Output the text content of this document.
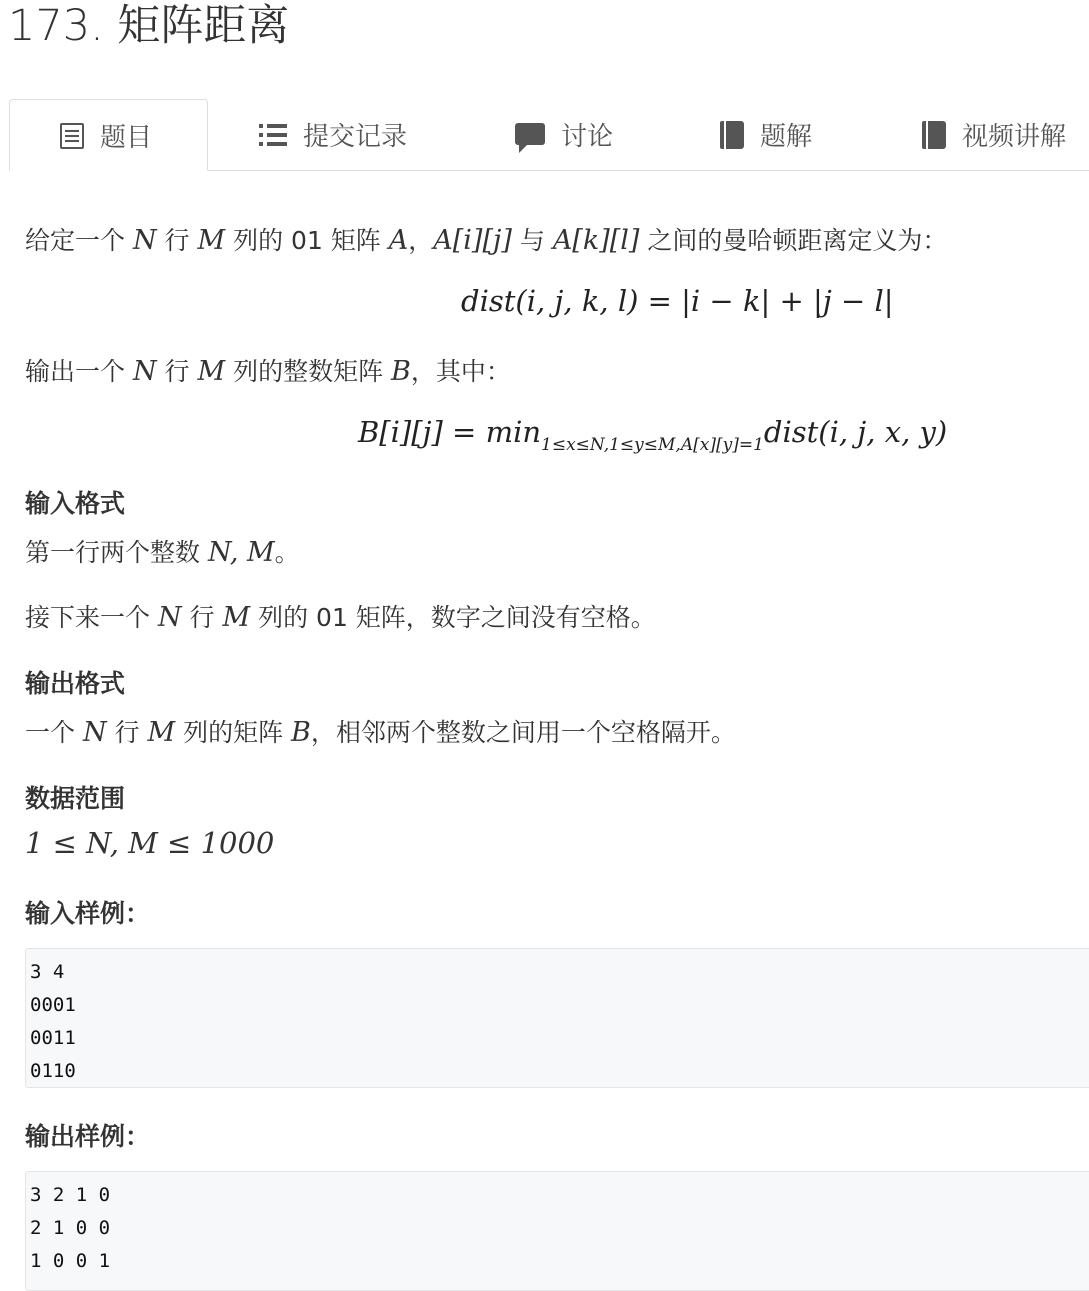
173. 矩阵距离
题目	提交记录	讨论	题解	视频讲解

给定一个 N 行 M 列的 01 矩阵 A，A[i][j] 与 A[k][l] 之间的曼哈顿距离定义为：

dist(i, j, k, l) = |i − k| + |j − l|

输出一个 N 行 M 列的整数矩阵 B，其中：

$B[i][j] = \min_{1\le x\le N,1\le y\le M,A[x][y]=1}dist(i$, j, x, y)

输入格式

第一行两个整数 N, M。

接下来一个 N 行 M 列的 01 矩阵，数字之间没有空格。

输出格式

一个 N 行 M 列的矩阵 B，相邻两个整数之间用一个空格隔开。

数据范围

1 ≤ N, M ≤ 1000

输入样例：
3 4
0001
0011
0110
输出样例：
3 2 1 0
2 1 0 0
1 0 0 1
